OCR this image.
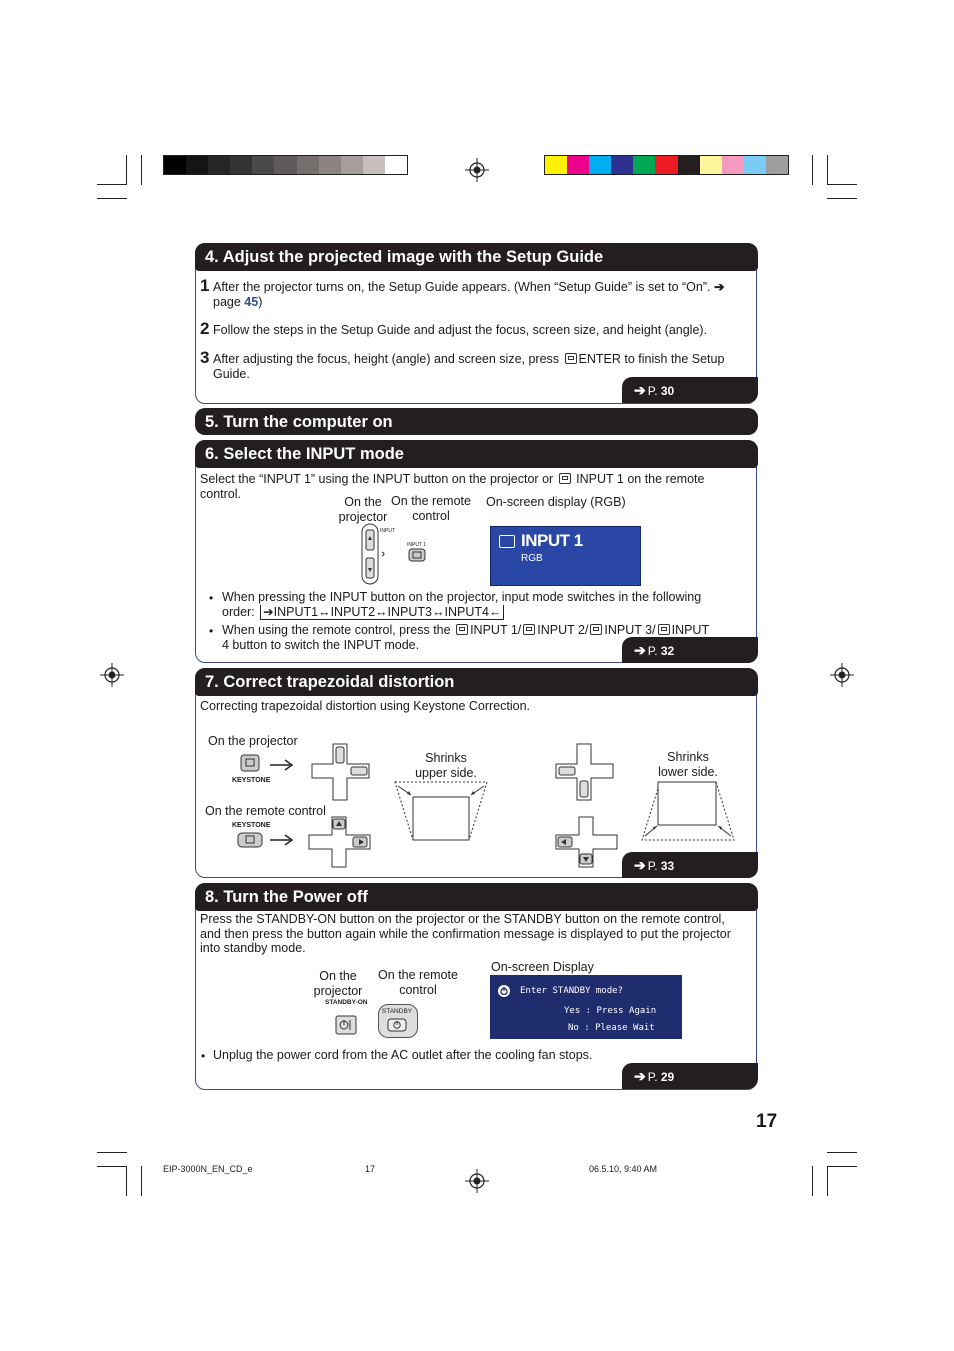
4. Adjust the projected image with the Setup Guide
1 After the projector turns on, the Setup Guide appears. (When “Setup Guide” is set to “On”. ➔
page 45)
2 Follow the steps in the Setup Guide and adjust the focus, screen size, and height (angle).
3 After adjusting the focus, height (angle) and screen size, press ENTER to finish the Setup
Guide.
➔ P. 30
5. Turn the computer on
6. Select the INPUT mode
Select the “INPUT 1” using the INPUT button on the projector or INPUT 1 on the remote
control.
On the
projector
On the remote
control
On-screen display (RGB)
INPUT
INPUT 1	INPUT 1
RGB
• When pressing the INPUT button on the projector, input mode switches in the following
order: ➔INPUT1↔INPUT2↔INPUT3↔INPUT4←
• When using the remote control, press the INPUT 1/ INPUT 2/ INPUT 3/ INPUT
4 button to switch the INPUT mode.	➔ P. 32
7. Correct trapezoidal distortion
Correcting trapezoidal distortion using Keystone Correction.
On the projector
On the remote control
KEYSTONE
KEYSTONE
Shrinks
upper side.
Shrinks
lower side.
➔ P. 33
8. Turn the Power off
Press the STANDBY-ON button on the projector or the STANDBY button on the remote control,
and then press the button again while the confirmation message is displayed to put the projector
into standby mode.
On the
projector
On the remote
control
STANDBY-ON
STANDBY
On-screen Display
Enter STANDBY mode?
Yes : Press Again
No : Please Wait
• Unplug the power cord from the AC outlet after the cooling fan stops.
➔ P. 29
17
EIP-3000N_EN_CD_e	17	06.5.10, 9:40 AM
